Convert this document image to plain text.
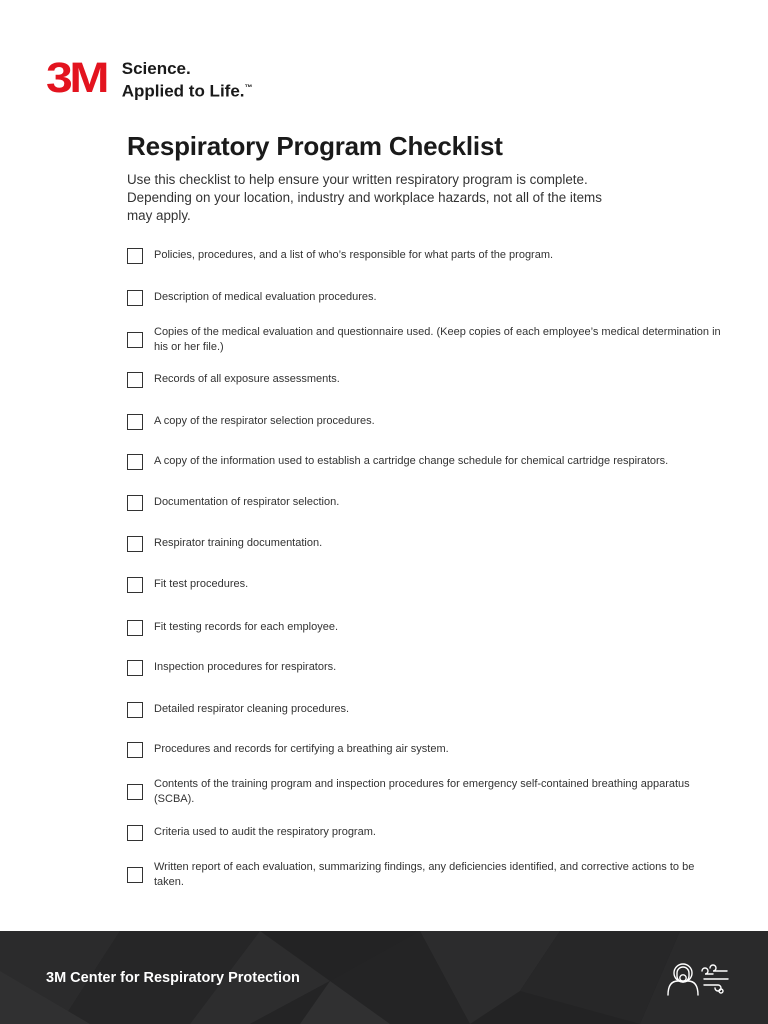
3M Science.
Applied to Life.™
Respiratory Program Checklist

Use this checklist to help ensure your written respiratory program is complete. Depending on your location, industry and workplace hazards, not all of the items may apply.

Policies, procedures, and a list of who’s responsible for what parts of the program.
Description of medical evaluation procedures.
Copies of the medical evaluation and questionnaire used. (Keep copies of each employee’s medical determination in his or her file.)
Records of all exposure assessments.
A copy of the respirator selection procedures.
A copy of the information used to establish a cartridge change schedule for chemical cartridge respirators.
Documentation of respirator selection.
Respirator training documentation.
Fit test procedures.
Fit testing records for each employee.
Inspection procedures for respirators.
Detailed respirator cleaning procedures.
Procedures and records for certifying a breathing air system.
Contents of the training program and inspection procedures for emergency self-contained breathing apparatus (SCBA).
Criteria used to audit the respiratory program.
Written report of each evaluation, summarizing findings, any deficiencies identified, and corrective actions to be taken.
3M Center for Respiratory Protection
